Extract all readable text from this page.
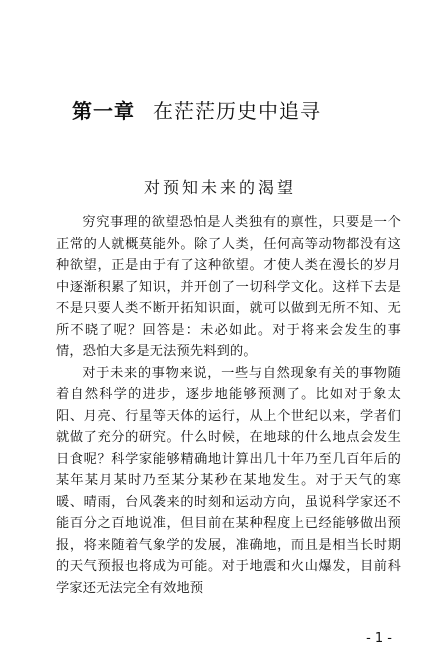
第一章 在茫茫历史中追寻
对预知未来的渴望

穷究事理的欲望恐怕是人类独有的禀性，只要是一个正常的人就概莫能外。除了人类，任何高等动物都没有这种欲望，正是由于有了这种欲望。才使人类在漫长的岁月中逐渐积累了知识，并开创了一切科学文化。这样下去是不是只要人类不断开拓知识面，就可以做到无所不知、无所不晓了呢？回答是：未必如此。对于将来会发生的事情，恐怕大多是无法预先料到的。

对于未来的事物来说，一些与自然现象有关的事物随着自然科学的进步，逐步地能够预测了。比如对于象太阳、月亮、行星等天体的运行，从上个世纪以来，学者们就做了充分的研究。什么时候，在地球的什么地点会发生日食呢？科学家能够精确地计算出几十年乃至几百年后的某年某月某时乃至某分某秒在某地发生。对于天气的寒暖、晴雨，台风袭来的时刻和运动方向，虽说科学家还不能百分之百地说准，但目前在某种程度上已经能够做出预报，将来随着气象学的发展，准确地，而且是相当长时期的天气预报也将成为可能。对于地震和火山爆发，目前科学家还无法完全有效地预

- 1 -
